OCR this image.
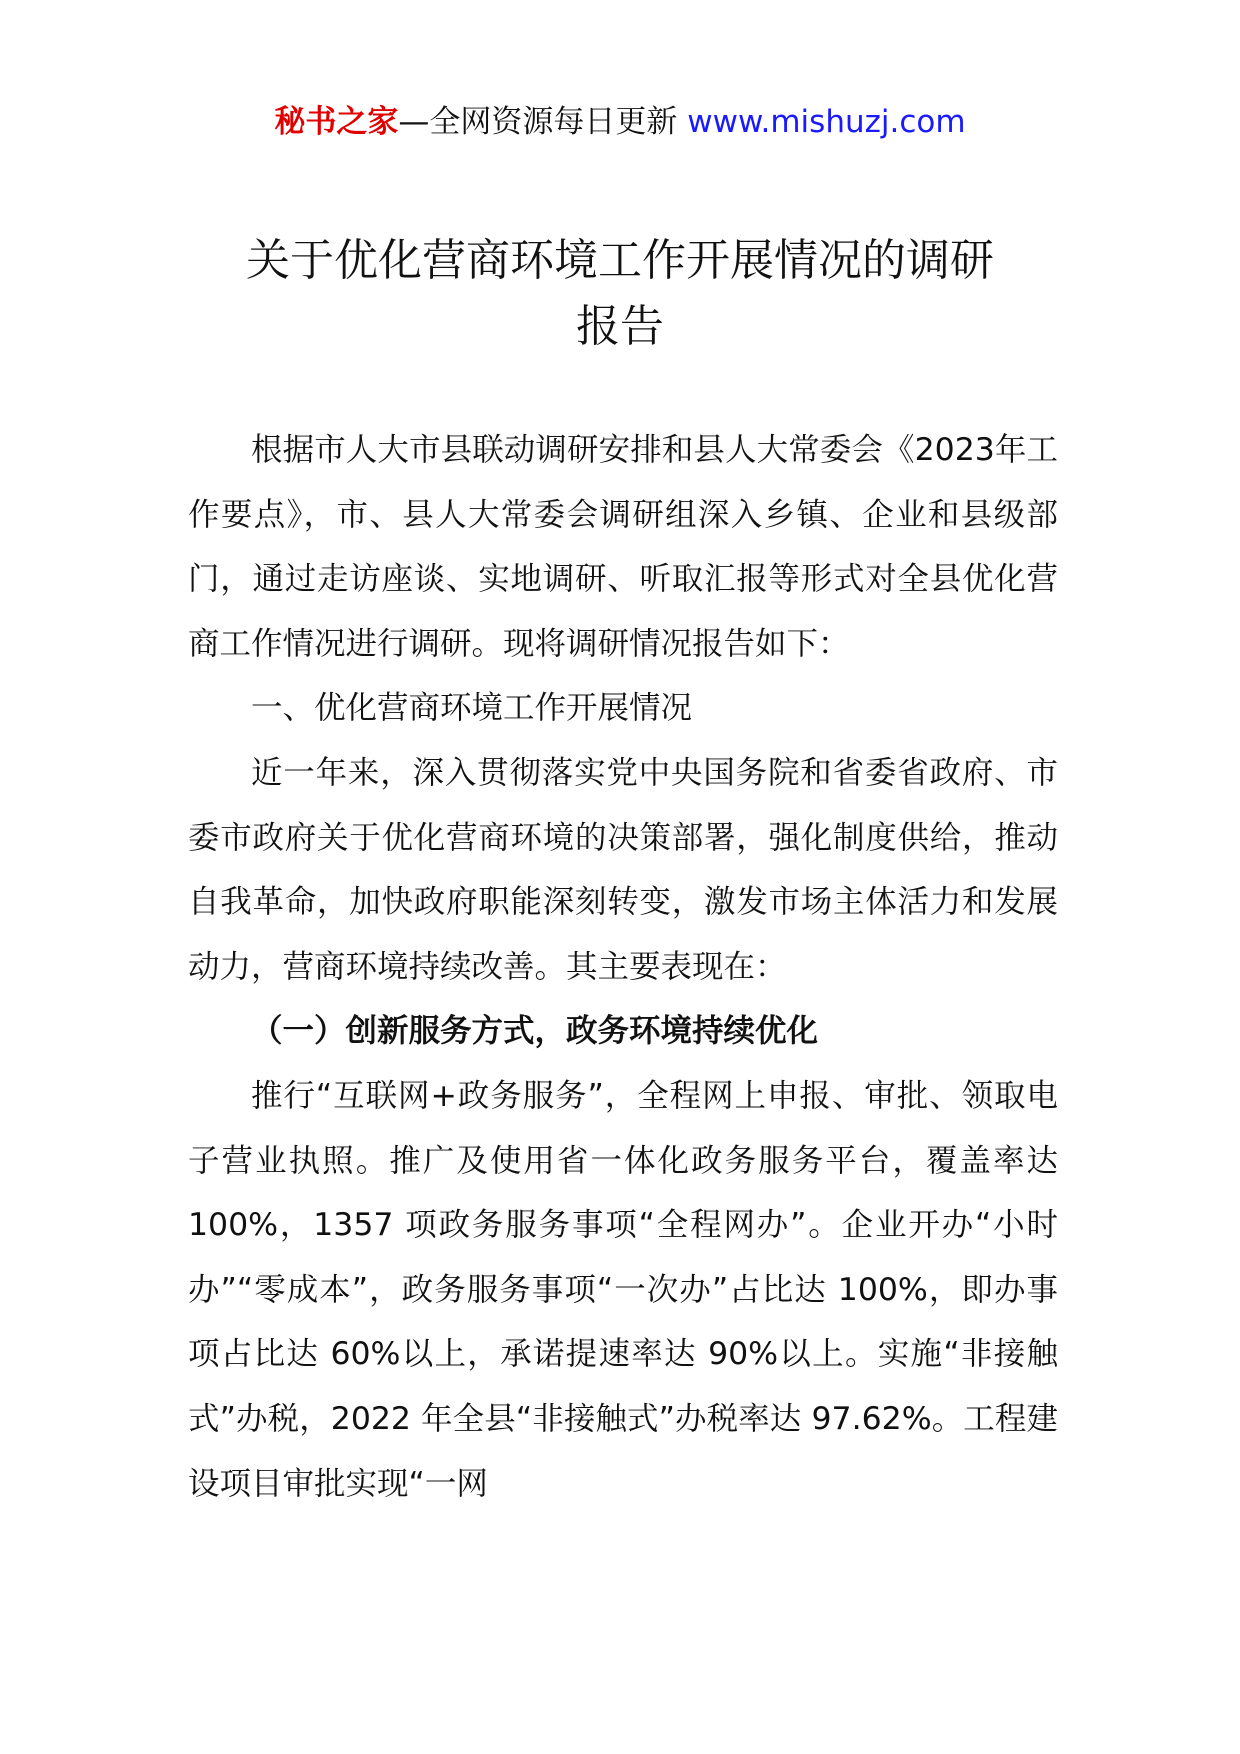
秘书之家—全网资源每日更新 www.mishuzj.com
关于优化营商环境工作开展情况的调研
报告

根据市人大市县联动调研安排和县人大常委会《2023年工作要点》，市、县人大常委会调研组深入乡镇、企业和县级部门，通过走访座谈、实地调研、听取汇报等形式对全县优化营商工作情况进行调研。现将调研情况报告如下：

一、优化营商环境工作开展情况

近一年来，深入贯彻落实党中央国务院和省委省政府、市委市政府关于优化营商环境的决策部署，强化制度供给，推动自我革命，加快政府职能深刻转变，激发市场主体活力和发展动力，营商环境持续改善。其主要表现在：

（一）创新服务方式，政务环境持续优化

推行“互联网+政务服务”，全程网上申报、审批、领取电子营业执照。推广及使用省一体化政务服务平台，覆盖率达 100%，1357 项政务服务事项“全程网办”。企业开办“小时办”“零成本”，政务服务事项“一次办”占比达 100%，即办事项占比达 60%以上，承诺提速率达 90%以上。实施“非接触式”办税，2022 年全县“非接触式”办税率达 97.62%。工程建设项目审批实现“一网
